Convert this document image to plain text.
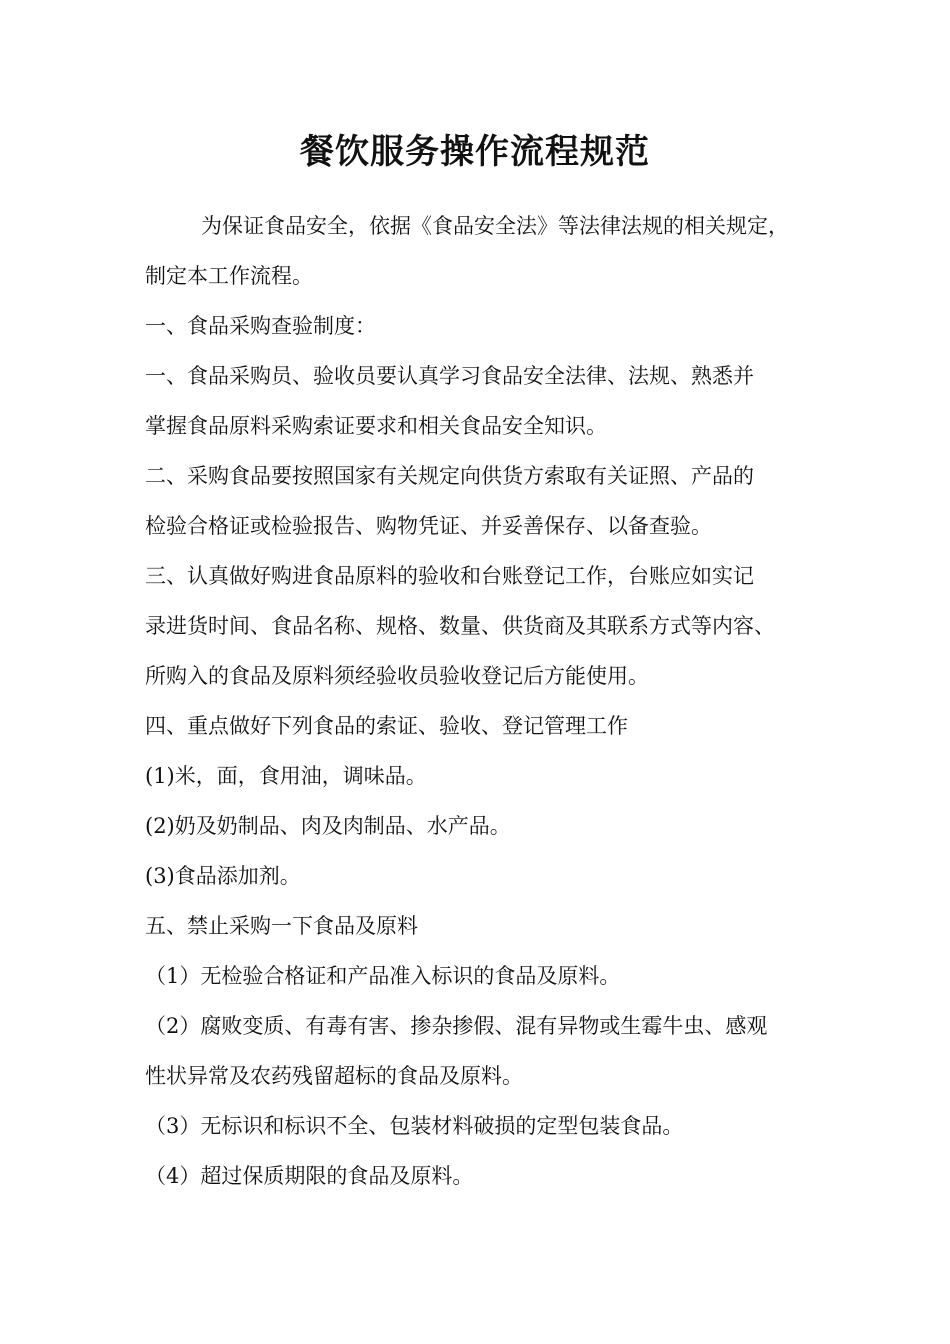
餐饮服务操作流程规范

为保证食品安全，依据《食品安全法》等法律法规的相关规定，

制定本工作流程。

一、食品采购查验制度：

一、食品采购员、验收员要认真学习食品安全法律、法规、熟悉并

掌握食品原料采购索证要求和相关食品安全知识。

二、采购食品要按照国家有关规定向供货方索取有关证照、产品的

检验合格证或检验报告、购物凭证、并妥善保存、以备查验。

三、认真做好购进食品原料的验收和台账登记工作，台账应如实记

录进货时间、食品名称、规格、数量、供货商及其联系方式等内容、

所购入的食品及原料须经验收员验收登记后方能使用。

四、重点做好下列食品的索证、验收、登记管理工作

(1)米，面，食用油，调味品。

(2)奶及奶制品、肉及肉制品、水产品。

(3)食品添加剂。

五、禁止采购一下食品及原料

（1）无检验合格证和产品准入标识的食品及原料。

（2）腐败变质、有毒有害、掺杂掺假、混有异物或生霉牛虫、感观

性状异常及农药残留超标的食品及原料。

（3）无标识和标识不全、包装材料破损的定型包装食品。

（4）超过保质期限的食品及原料。
